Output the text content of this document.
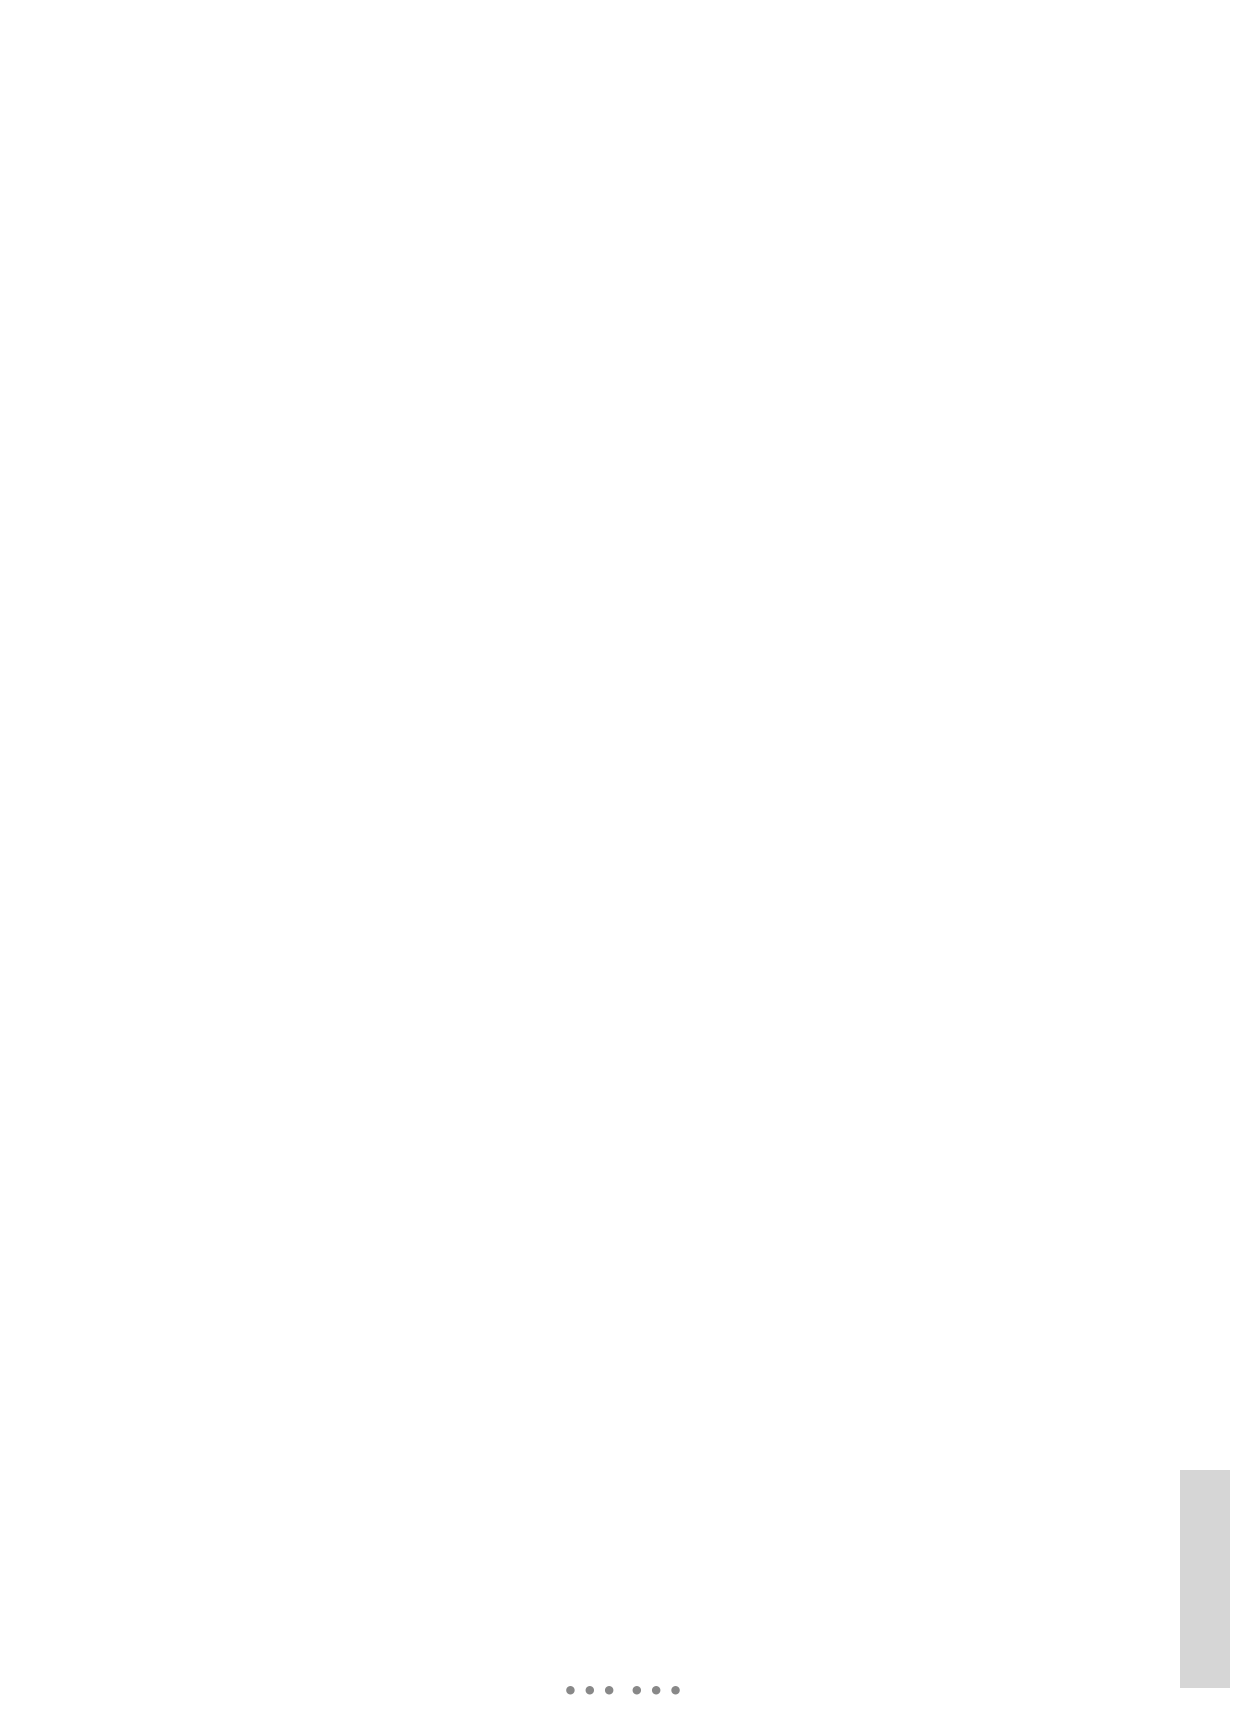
••• •••
